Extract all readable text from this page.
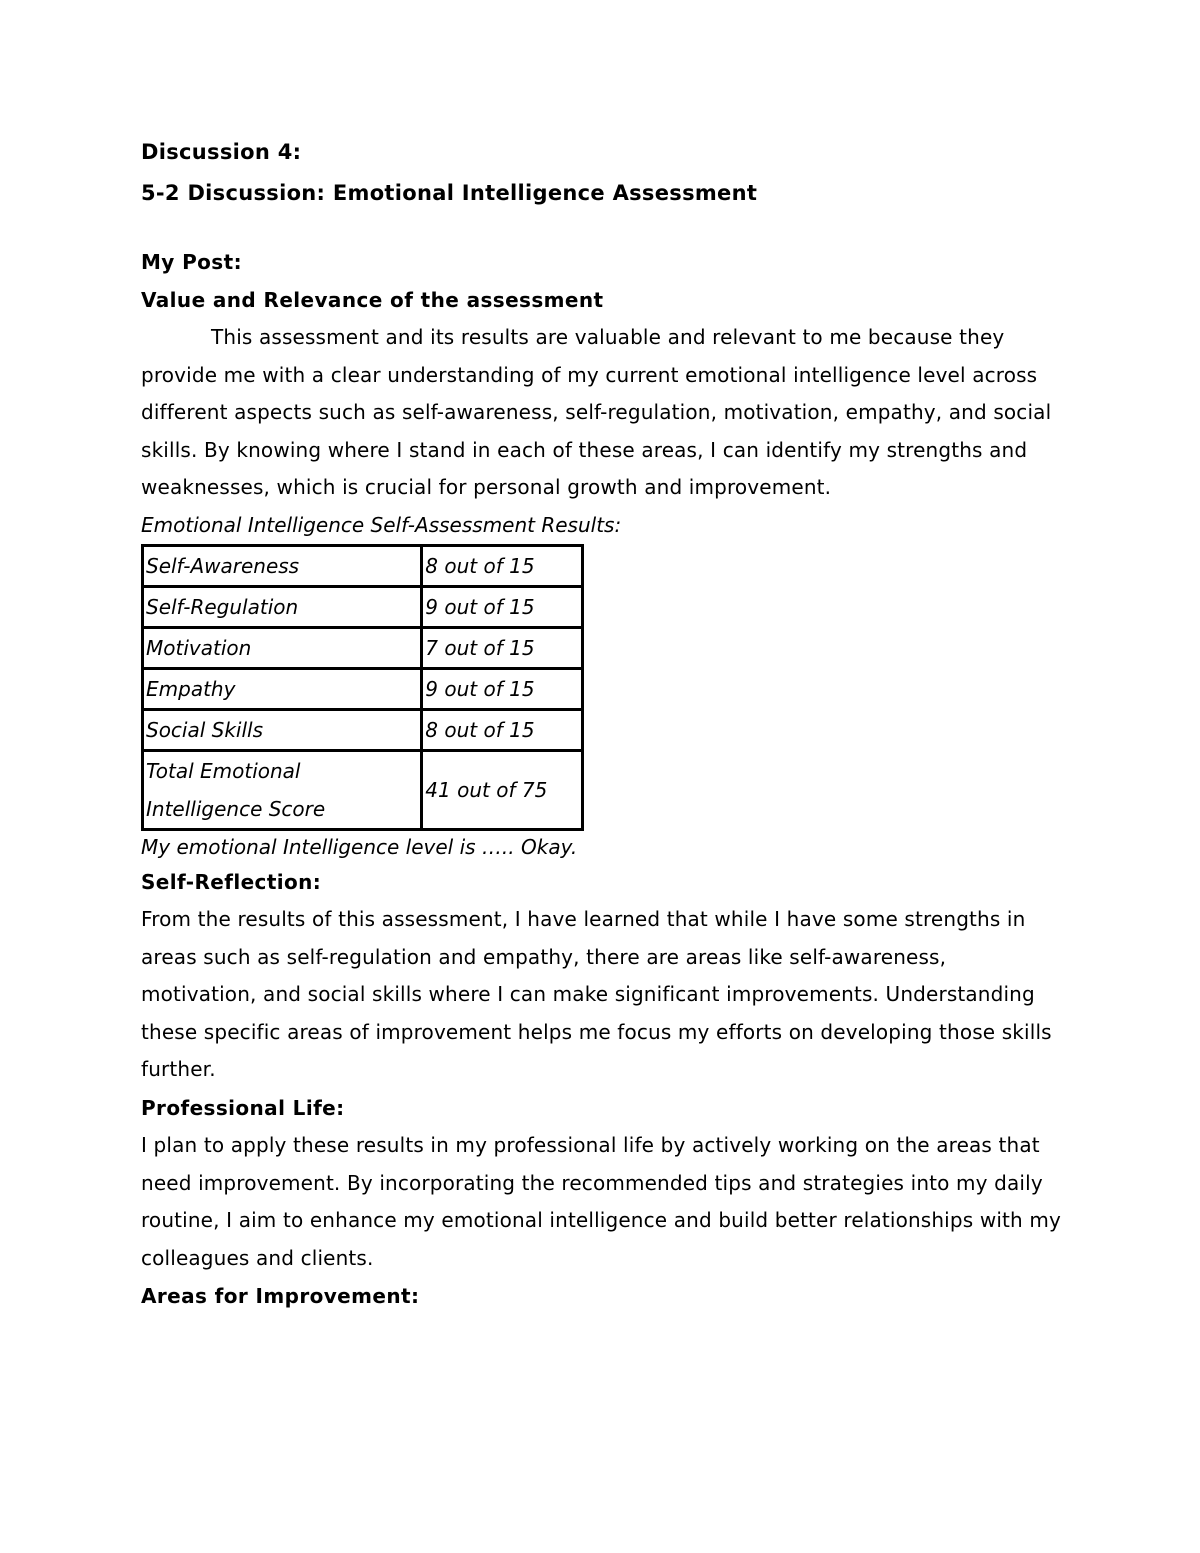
Discussion 4:

5-2 Discussion: Emotional Intelligence Assessment

My Post:

Value and Relevance of the assessment

This assessment and its results are valuable and relevant to me because they provide me with a clear understanding of my current emotional intelligence level across different aspects such as self-awareness, self-regulation, motivation, empathy, and social skills. By knowing where I stand in each of these areas, I can identify my strengths and weaknesses, which is crucial for personal growth and improvement.

Emotional Intelligence Self-Assessment Results:

Self-Awareness	8 out of 15
Self-Regulation	9 out of 15
Motivation	7 out of 15
Empathy	9 out of 15
Social Skills	8 out of 15
Total Emotional Intelligence Score	41 out of 75

My emotional Intelligence level is ….. Okay.

Self-Reflection:

From the results of this assessment, I have learned that while I have some strengths in areas such as self-regulation and empathy, there are areas like self-awareness, motivation, and social skills where I can make significant improvements. Understanding these specific areas of improvement helps me focus my efforts on developing those skills further.

Professional Life:

I plan to apply these results in my professional life by actively working on the areas that need improvement. By incorporating the recommended tips and strategies into my daily routine, I aim to enhance my emotional intelligence and build better relationships with my colleagues and clients.

Areas for Improvement:
